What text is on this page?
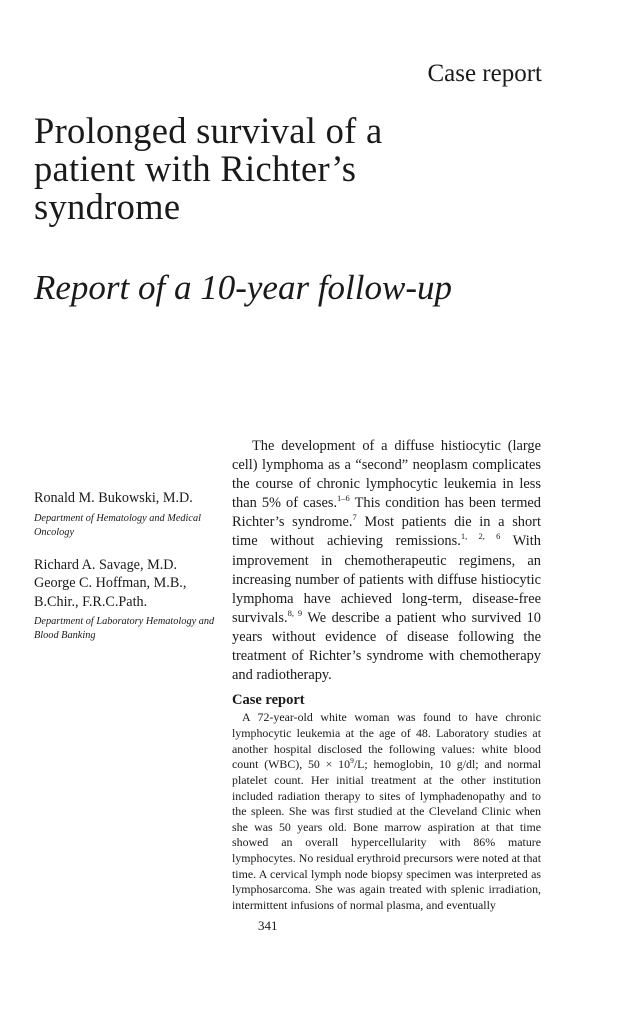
Case report
Prolonged survival of a patient with Richter’s syndrome
Report of a 10-year follow-up
Ronald M. Bukowski, M.D.
Department of Hematology and Medical Oncology
Richard A. Savage, M.D.
George C. Hoffman, M.B.,
B.Chir., F.R.C.Path.
Department of Laboratory Hematology and Blood Banking

The development of a diffuse histiocytic (large cell) lymphoma as a “second” neoplasm complicates the course of chronic lymphocytic leukemia in less than 5% of cases.$^{1-6}$ This condition has been termed Richter’s syndrome.$^7$ Most patients die in a short time without achieving remissions.$^{1, 2, 6}$ With improvement in chemotherapeutic regimens, an increasing number of patients with diffuse histiocytic lymphoma have achieved long-term, disease-free survivals.$^{8, 9}$ We describe a patient who survived 10 years without evidence of disease following the treatment of Richter’s syndrome with chemotherapy and radiotherapy.

Case report

A 72-year-old white woman was found to have chronic lymphocytic leukemia at the age of 48. Laboratory studies at another hospital disclosed the following values: white blood count (WBC), $50 \times 10^9/L$; hemoglobin, 10 g/dl; and normal platelet count. Her initial treatment at the other institution included radiation therapy to sites of lymphadenopathy and to the spleen. She was first studied at the Cleveland Clinic when she was 50 years old. Bone marrow aspiration at that time showed an overall hypercellularity with 86% mature lymphocytes. No residual erythroid precursors were noted at that time. A cervical lymph node biopsy specimen was interpreted as lymphosarcoma. She was again treated with splenic irradiation, intermittent infusions of normal plasma, and eventually

341
